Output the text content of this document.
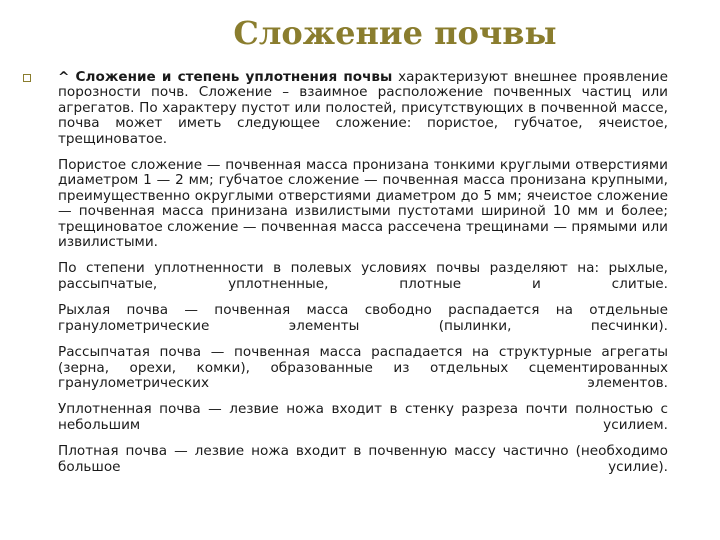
Сложение почвы

^ Сложение и степень уплотнения почвы характеризуют внешнее проявление порозности почв. Сложение – взаимное расположение почвенных частиц или агрегатов. По характеру пустот или полостей, присутствующих в почвенной массе, почва может иметь следующее сложение: пористое, губчатое, ячеистое, трещиноватое.

Пористое сложение — почвенная масса пронизана тонкими круглыми отверстиями диаметром 1 — 2 мм; губчатое сложение — почвенная масса пронизана крупными, преимущественно округлыми отверстиями диаметром до 5 мм; ячеистое сложение — почвенная масса принизана извилистыми пустотами шириной 10 мм и более; трещиноватое сложение — почвенная масса рассечена трещинами — прямыми или извилистыми.

По степени уплотненности в полевых условиях почвы разделяют на: рыхлые, рассыпчатые, уплотненные, плотные и слитые.

Рыхлая почва — почвенная масса свободно распадается на отдельные гранулометрические элементы (пылинки, песчинки).

Рассыпчатая почва — почвенная масса распадается на структурные агрегаты (зерна, орехи, комки), образованные из отдельных сцементированных гранулометрических элементов.

Уплотненная почва — лезвие ножа входит в стенку разреза почти полностью с небольшим усилием.

Плотная почва — лезвие ножа входит в почвенную массу частично (необходимо большое усилие).
